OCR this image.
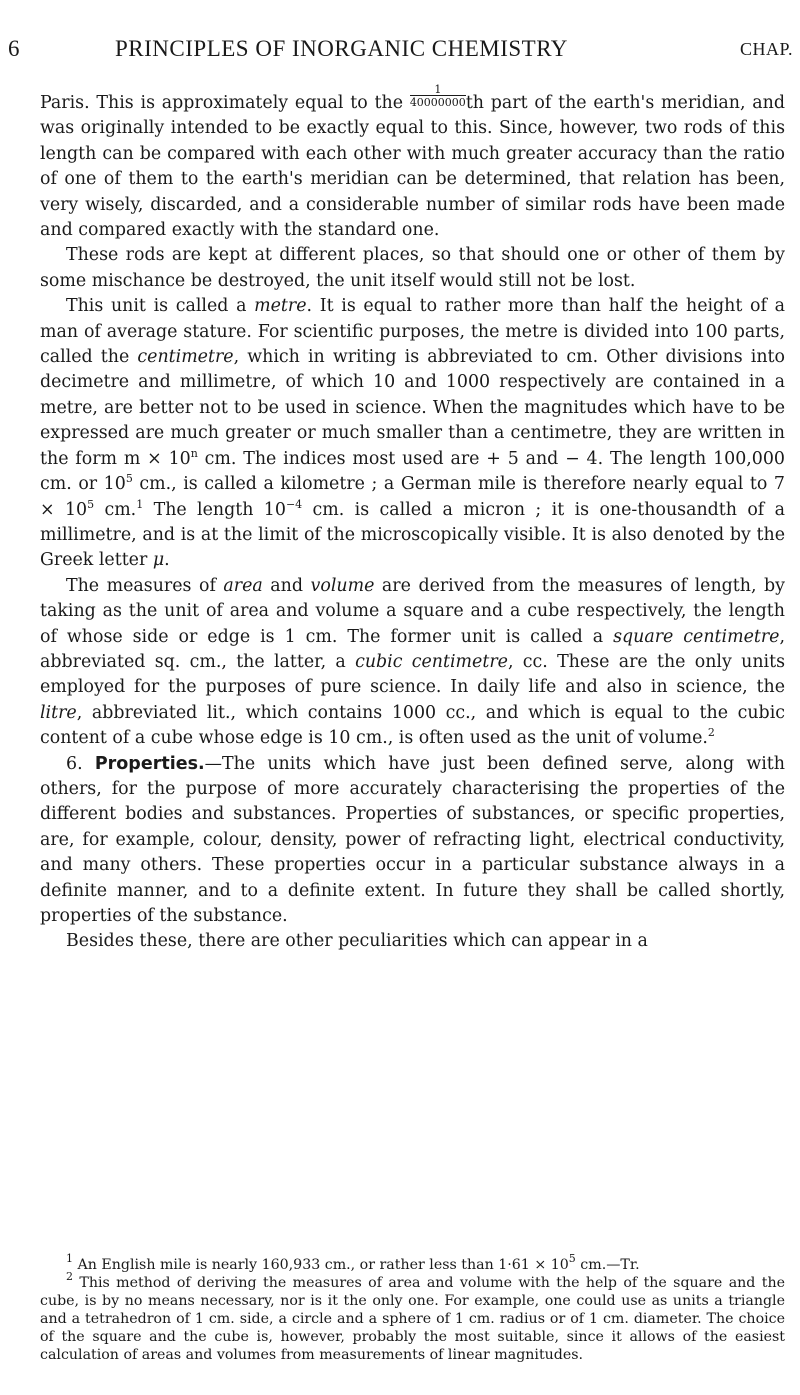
6	PRINCIPLES OF INORGANIC CHEMISTRY	CHAP.

Paris. This is approximately equal to the $\frac{1}{40000000}$ th part of the earth's meridian, and was originally intended to be exactly equal to this. Since, however, two rods of this length can be compared with each other with much greater accuracy than the ratio of one of them to the earth's meridian can be determined, that relation has been, very wisely, discarded, and a considerable number of similar rods have been made and compared exactly with the standard one.

These rods are kept at different places, so that should one or other of them by some mischance be destroyed, the unit itself would still not be lost.

This unit is called a metre. It is equal to rather more than half the height of a man of average stature. For scientific purposes, the metre is divided into 100 parts, called the centimetre, which in writing is abbreviated to cm. Other divisions into decimetre and millimetre, of which 10 and 1000 respectively are contained in a metre, are better not to be used in science. When the magnitudes which have to be expressed are much greater or much smaller than a centimetre, they are written in the form $m \times 10^n$ cm. The indices most used are + 5 and − 4. The length 100,000 cm. or $10^5$ cm., is called a kilometre ; a German mile is therefore nearly equal to $7 \times 10^5$ cm.$^1$ The length $10^{-4}$ cm. is called a micron ; it is one-thousandth of a millimetre, and is at the limit of the microscopically visible. It is also denoted by the Greek letter μ.

The measures of area and volume are derived from the measures of length, by taking as the unit of area and volume a square and a cube respectively, the length of whose side or edge is 1 cm. The former unit is called a square centimetre, abbreviated sq. cm., the latter, a cubic centimetre, cc. These are the only units employed for the purposes of pure science. In daily life and also in science, the litre, abbreviated lit., which contains 1000 cc., and which is equal to the cubic content of a cube whose edge is 10 cm., is often used as the unit of volume.$^2$

6. Properties.—The units which have just been defined serve, along with others, for the purpose of more accurately characterising the properties of the different bodies and substances. Properties of substances, or specific properties, are, for example, colour, density, power of refracting light, electrical conductivity, and many others. These properties occur in a particular substance always in a definite manner, and to a definite extent. In future they shall be called shortly, properties of the substance.

Besides these, there are other peculiarities which can appear in a

$^1$ An English mile is nearly 160,933 cm., or rather less than $1\cdot 61 \times 10^5$ cm.—Tr.

$^2$ This method of deriving the measures of area and volume with the help of the square and the cube, is by no means necessary, nor is it the only one. For example, one could use as units a triangle and a tetrahedron of 1 cm. side, a circle and a sphere of 1 cm. radius or of 1 cm. diameter. The choice of the square and the cube is, however, probably the most suitable, since it allows of the easiest calculation of areas and volumes from measurements of linear magnitudes.
